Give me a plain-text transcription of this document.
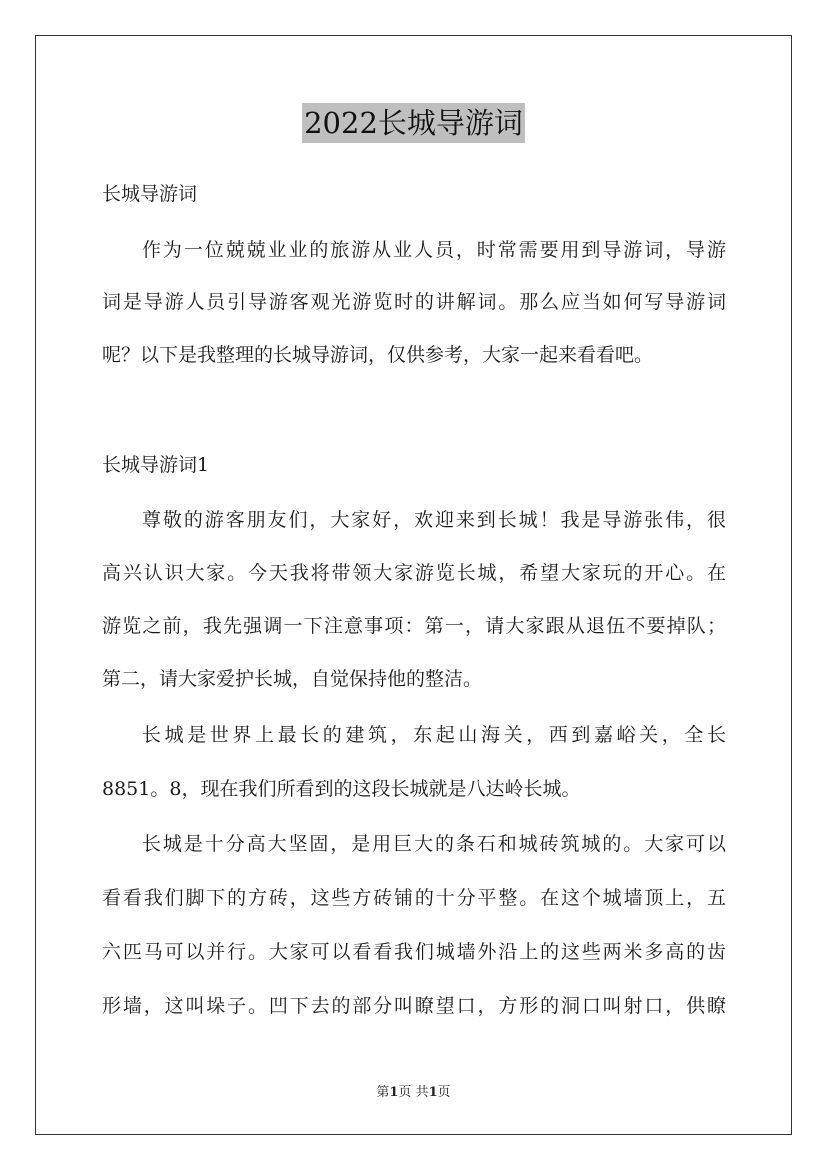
2022长城导游词
长城导游词
作为一位兢兢业业的旅游从业人员，时常需要用到导游词，导游
词是导游人员引导游客观光游览时的讲解词。那么应当如何写导游词
呢？以下是我整理的长城导游词，仅供参考，大家一起来看看吧。
长城导游词1
尊敬的游客朋友们，大家好，欢迎来到长城！我是导游张伟，很
高兴认识大家。今天我将带领大家游览长城，希望大家玩的开心。在
游览之前，我先强调一下注意事项：第一，请大家跟从退伍不要掉队；
第二，请大家爱护长城，自觉保持他的整洁。
长城是世界上最长的建筑，东起山海关，西到嘉峪关，全长
8851。8，现在我们所看到的这段长城就是八达岭长城。
长城是十分高大坚固，是用巨大的条石和城砖筑城的。大家可以
看看我们脚下的方砖，这些方砖铺的十分平整。在这个城墙顶上，五
六匹马可以并行。大家可以看看我们城墙外沿上的这些两米多高的齿
形墙，这叫垛子。凹下去的部分叫瞭望口，方形的洞口叫射口，供瞭
第1页 共1页
